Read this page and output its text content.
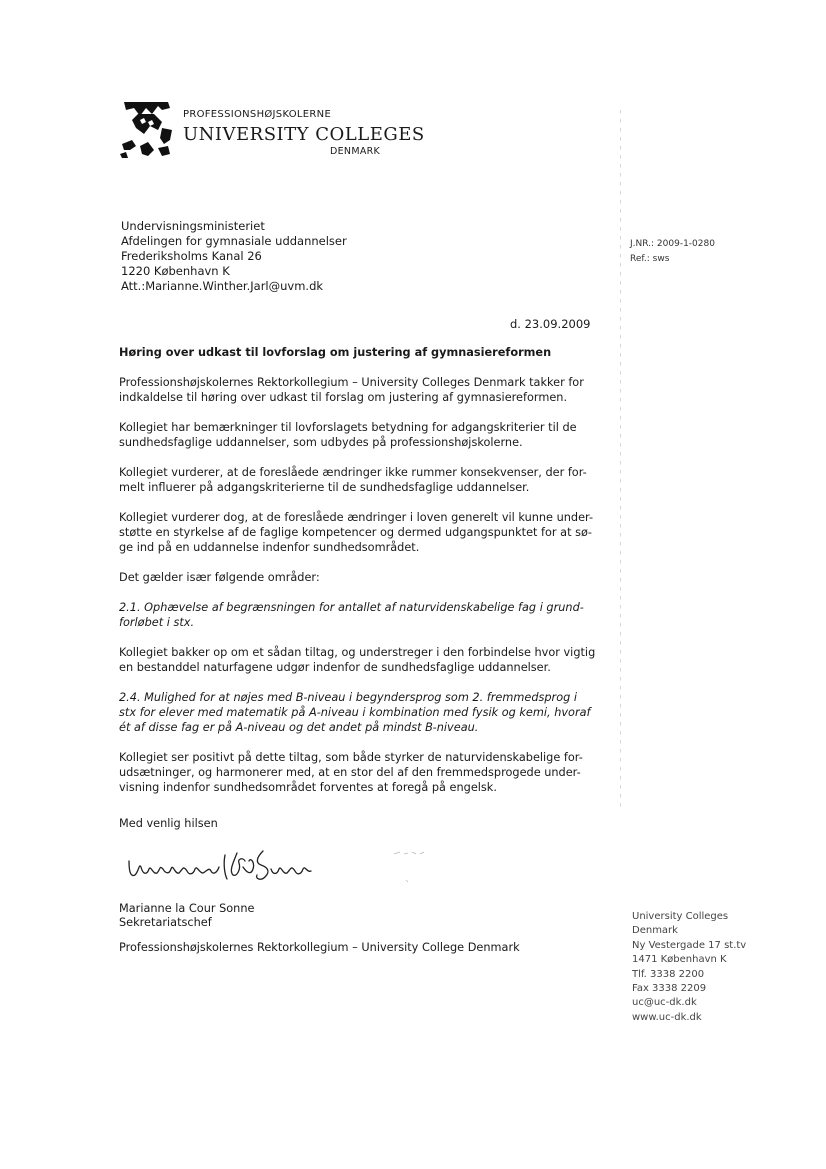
PROFESSIONSHØJSKOLERNE
UNIVERSITY COLLEGES
DENMARK
Undervisningsministeriet
Afdelingen for gymnasiale uddannelser
Frederiksholms Kanal 26
1220 København K
Att.:Marianne.Winther.Jarl@uvm.dk
J.NR.: 2009-1-0280
Ref.: sws
d. 23.09.2009
Høring over udkast til lovforslag om justering af gymnasiereformen

Professionshøjskolernes Rektorkollegium – University Colleges Denmark takker for
indkaldelse til høring over udkast til forslag om justering af gymnasiereformen.

Kollegiet har bemærkninger til lovforslagets betydning for adgangskriterier til de
sundhedsfaglige uddannelser, som udbydes på professionshøjskolerne.

Kollegiet vurderer, at de foreslåede ændringer ikke rummer konsekvenser, der for-
melt influerer på adgangskriterierne til de sundhedsfaglige uddannelser.

Kollegiet vurderer dog, at de foreslåede ændringer i loven generelt vil kunne under-
støtte en styrkelse af de faglige kompetencer og dermed udgangspunktet for at sø-
ge ind på en uddannelse indenfor sundhedsområdet.

Det gælder især følgende områder:

2.1. Ophævelse af begrænsningen for antallet af naturvidenskabelige fag i grund-
forløbet i stx.

Kollegiet bakker op om et sådan tiltag, og understreger i den forbindelse hvor vigtig
en bestanddel naturfagene udgør indenfor de sundhedsfaglige uddannelser.

2.4. Mulighed for at nøjes med B-niveau i begyndersprog som 2. fremmedsprog i
stx for elever med matematik på A-niveau i kombination med fysik og kemi, hvoraf
ét af disse fag er på A-niveau og det andet på mindst B-niveau.

Kollegiet ser positivt på dette tiltag, som både styrker de naturvidenskabelige for-
udsætninger, og harmonerer med, at en stor del af den fremmedsprogede under-
visning indenfor sundhedsområdet forventes at foregå på engelsk.

Med venlig hilsen
Marianne la Cour Sonne
Sekretariatschef
Professionshøjskolernes Rektorkollegium – University College Denmark
University Colleges
Denmark
Ny Vestergade 17 st.tv
1471 København K
Tlf. 3338 2200
Fax 3338 2209
uc@uc-dk.dk
www.uc-dk.dk
